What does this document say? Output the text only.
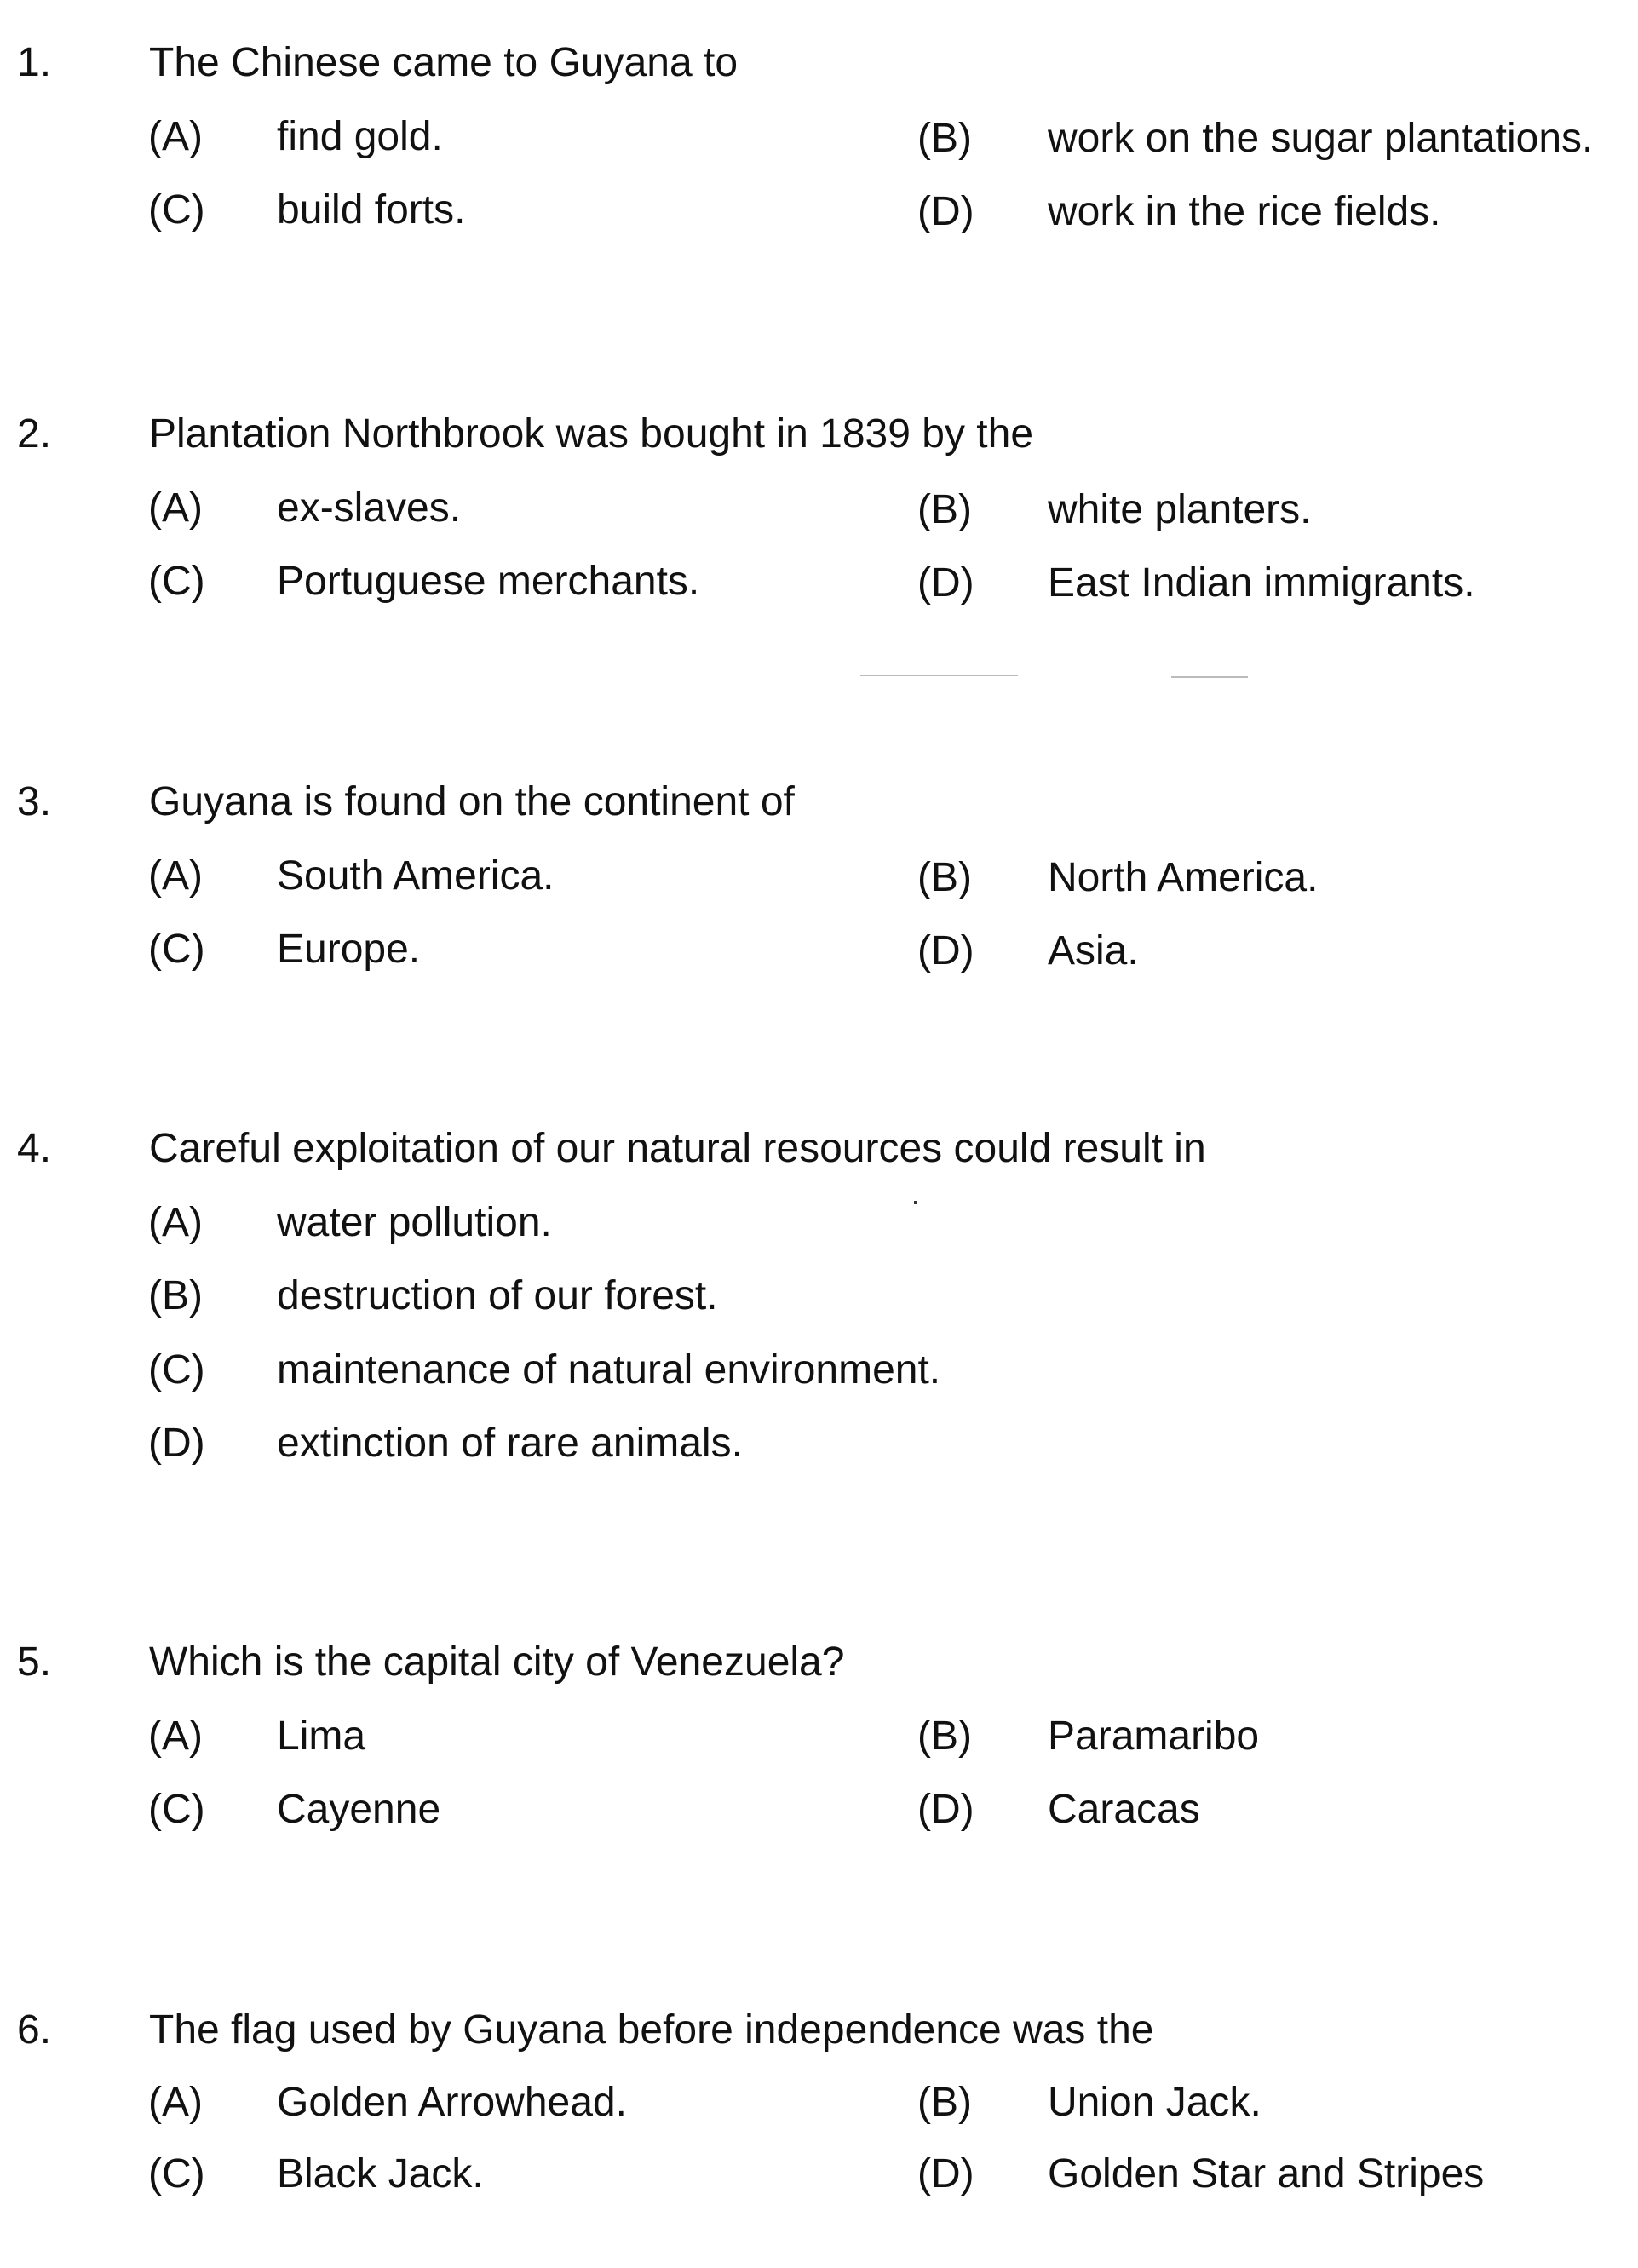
1. The Chinese came to Guyana to
(A) find gold.	(B) work on the sugar plantations.
(C) build forts.	(D) work in the rice fields.
2. Plantation Northbrook was bought in 1839 by the
(A) ex-slaves.	(B) white planters.
(C) Portuguese merchants.	(D) East Indian immigrants.
3. Guyana is found on the continent of
(A) South America.	(B) North America.
(C) Europe.	(D) Asia.
4. Careful exploitation of our natural resources could result in
(A) water pollution.
(B) destruction of our forest.
(C) maintenance of natural environment.
(D) extinction of rare animals.
5. Which is the capital city of Venezuela?
(A) Lima	(B) Paramaribo
(C) Cayenne	(D) Caracas
6. The flag used by Guyana before independence was the
(A) Golden Arrowhead.	(B) Union Jack.
(C) Black Jack.	(D) Golden Star and Stripes
